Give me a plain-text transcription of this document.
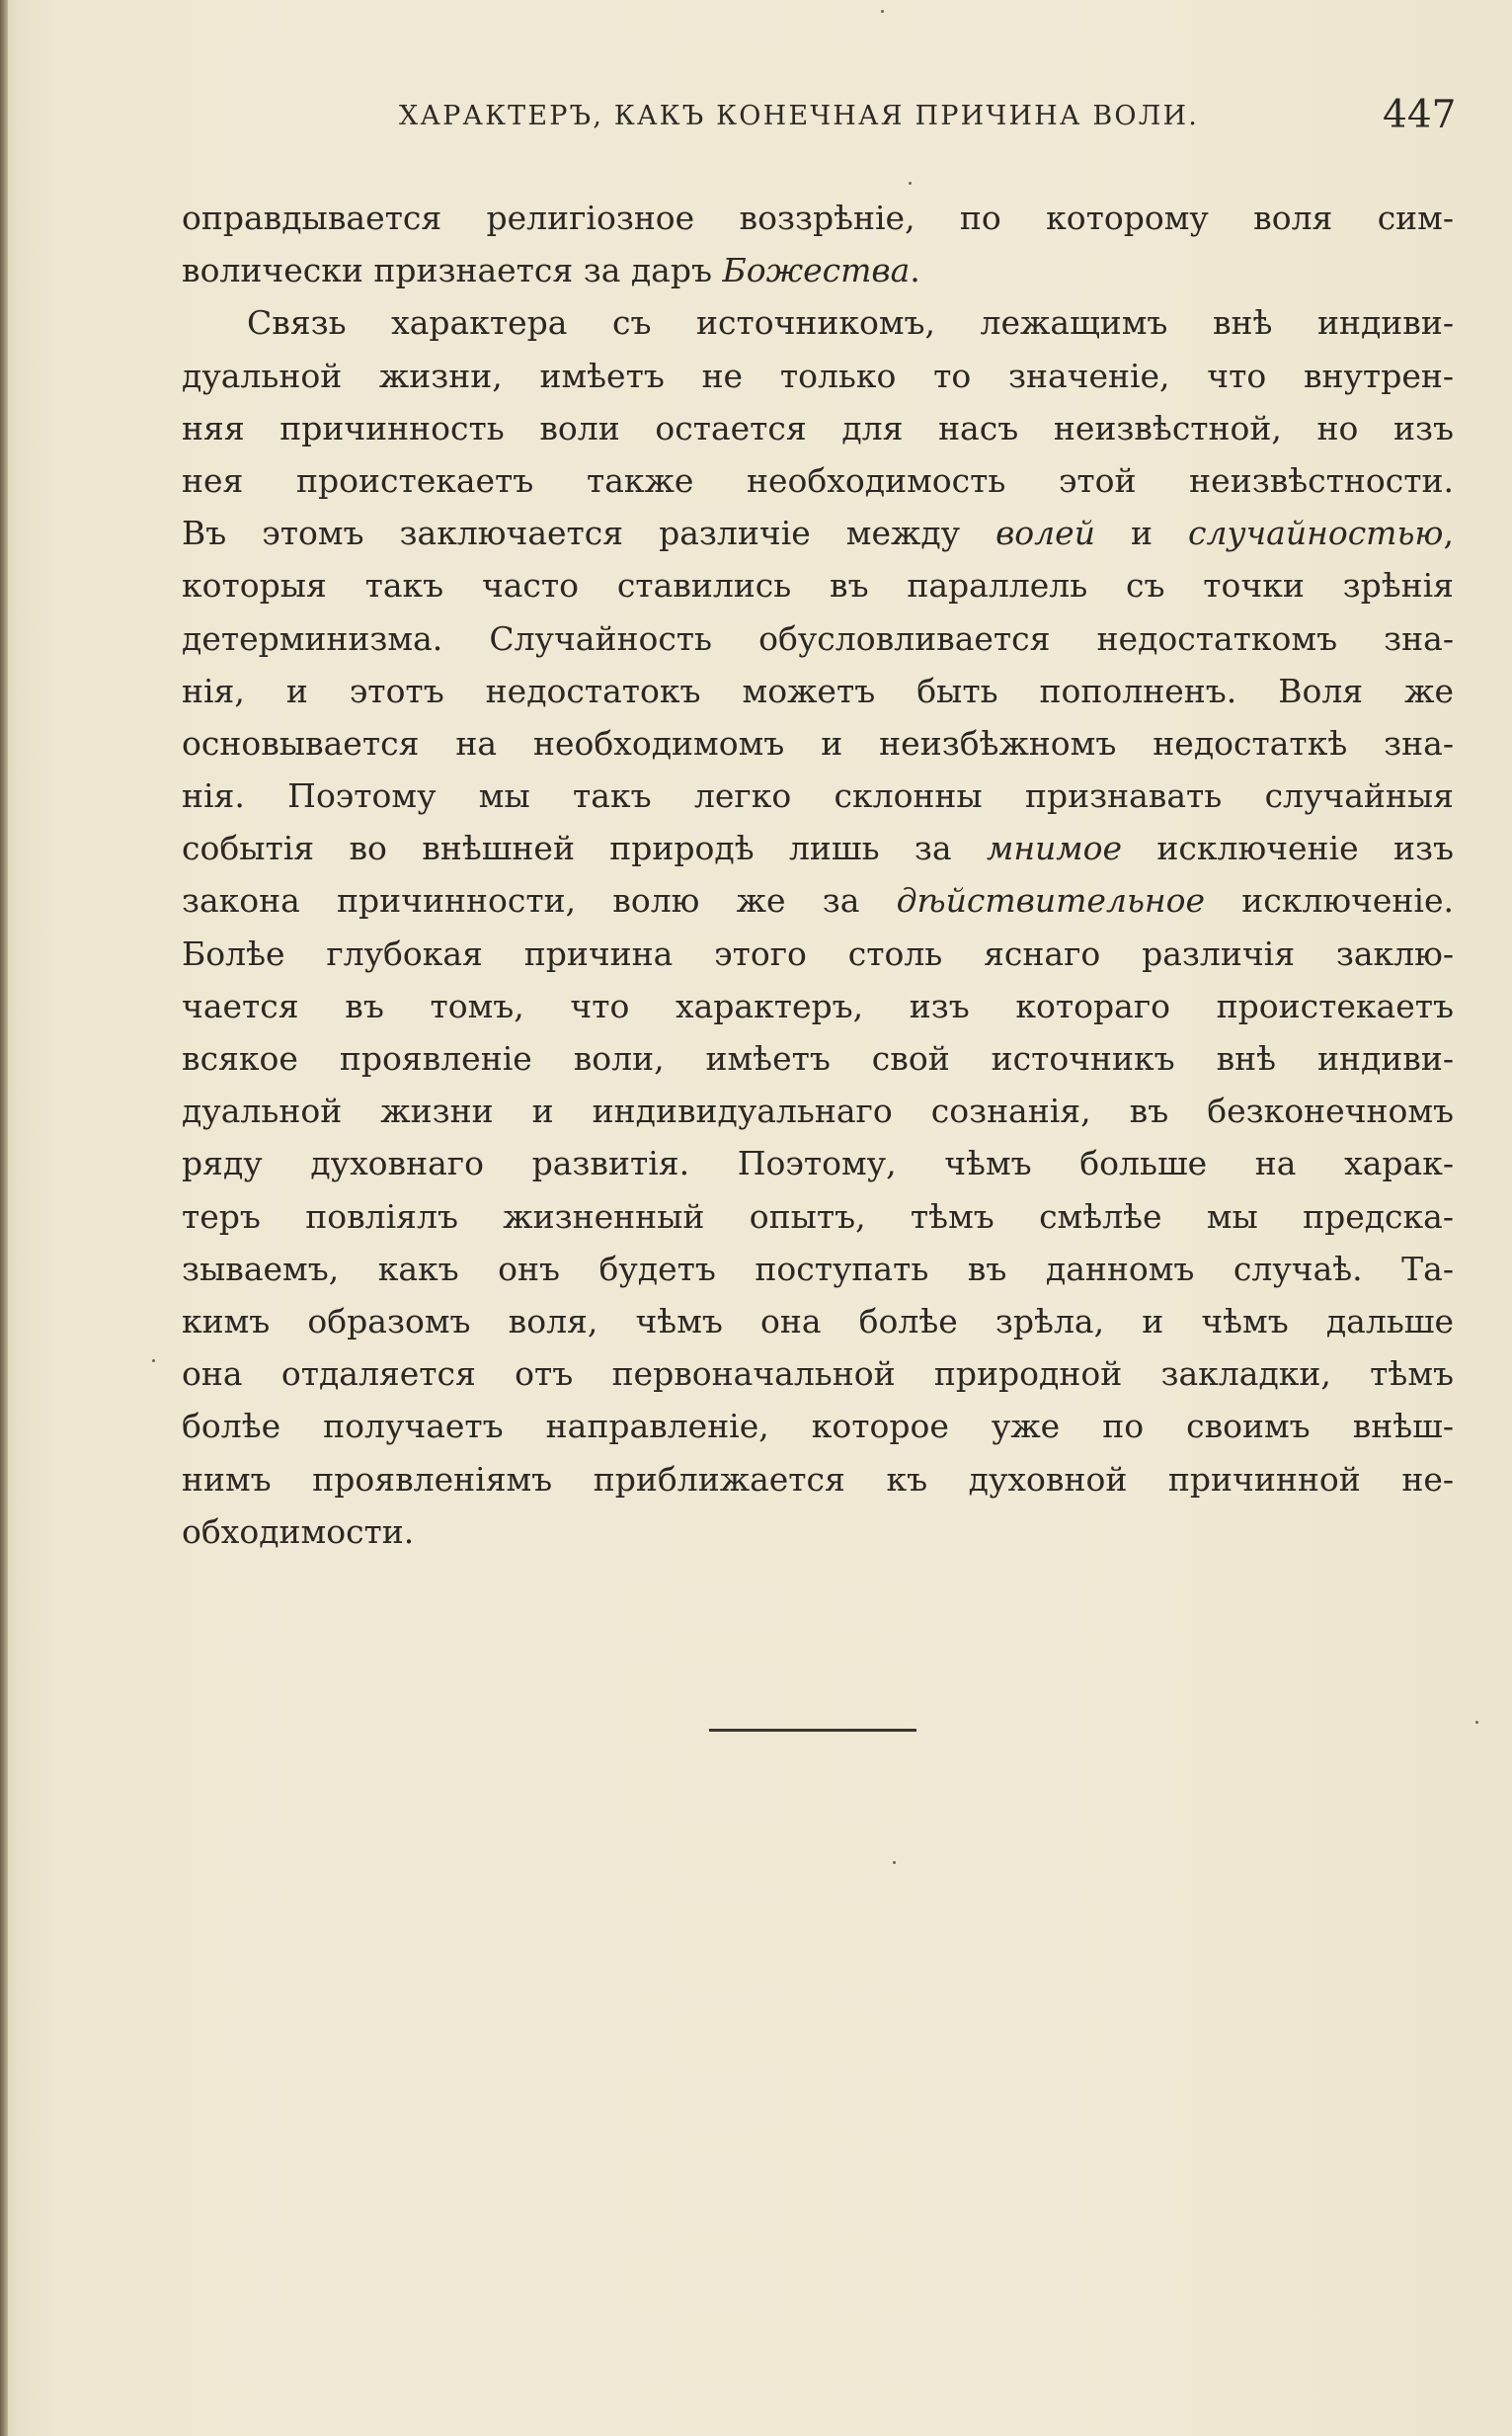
ХАРАКТЕРЪ, КАКЪ КОНЕЧНАЯ ПРИЧИНА ВОЛИ.	447
оправдывается религіозное воззрѣніе, по которому воля сим-
волически признается за даръ Божества.
Связь характера съ источникомъ, лежащимъ внѣ индиви-
дуальной жизни, имѣетъ не только то значеніе, что внутрен-
няя причинность воли остается для насъ неизвѣстной, но изъ
нея проистекаетъ также необходимость этой неизвѣстности.
Въ этомъ заключается различіе между волей и случайностью,
которыя такъ часто ставились въ параллель съ точки зрѣнія
детерминизма. Случайность обусловливается недостаткомъ зна-
нія, и этотъ недостатокъ можетъ быть пополненъ. Воля же
основывается на необходимомъ и неизбѣжномъ недостаткѣ зна-
нія. Поэтому мы такъ легко склонны признавать случайныя
событія во внѣшней природѣ лишь за мнимое исключеніе изъ
закона причинности, волю же за дѣйствительное исключеніе.
Болѣе глубокая причина этого столь яснаго различія заклю-
чается въ томъ, что характеръ, изъ котораго проистекаетъ
всякое проявленіе воли, имѣетъ свой источникъ внѣ индиви-
дуальной жизни и индивидуальнаго сознанія, въ безконечномъ
ряду духовнаго развитія. Поэтому, чѣмъ больше на харак-
теръ повліялъ жизненный опытъ, тѣмъ смѣлѣе мы предска-
зываемъ, какъ онъ будетъ поступать въ данномъ случаѣ. Та-
кимъ образомъ воля, чѣмъ она болѣе зрѣла, и чѣмъ дальше
она отдаляется отъ первоначальной природной закладки, тѣмъ
болѣе получаетъ направленіе, которое уже по своимъ внѣш-
нимъ проявленіямъ приближается къ духовной причинной не-
обходимости.
